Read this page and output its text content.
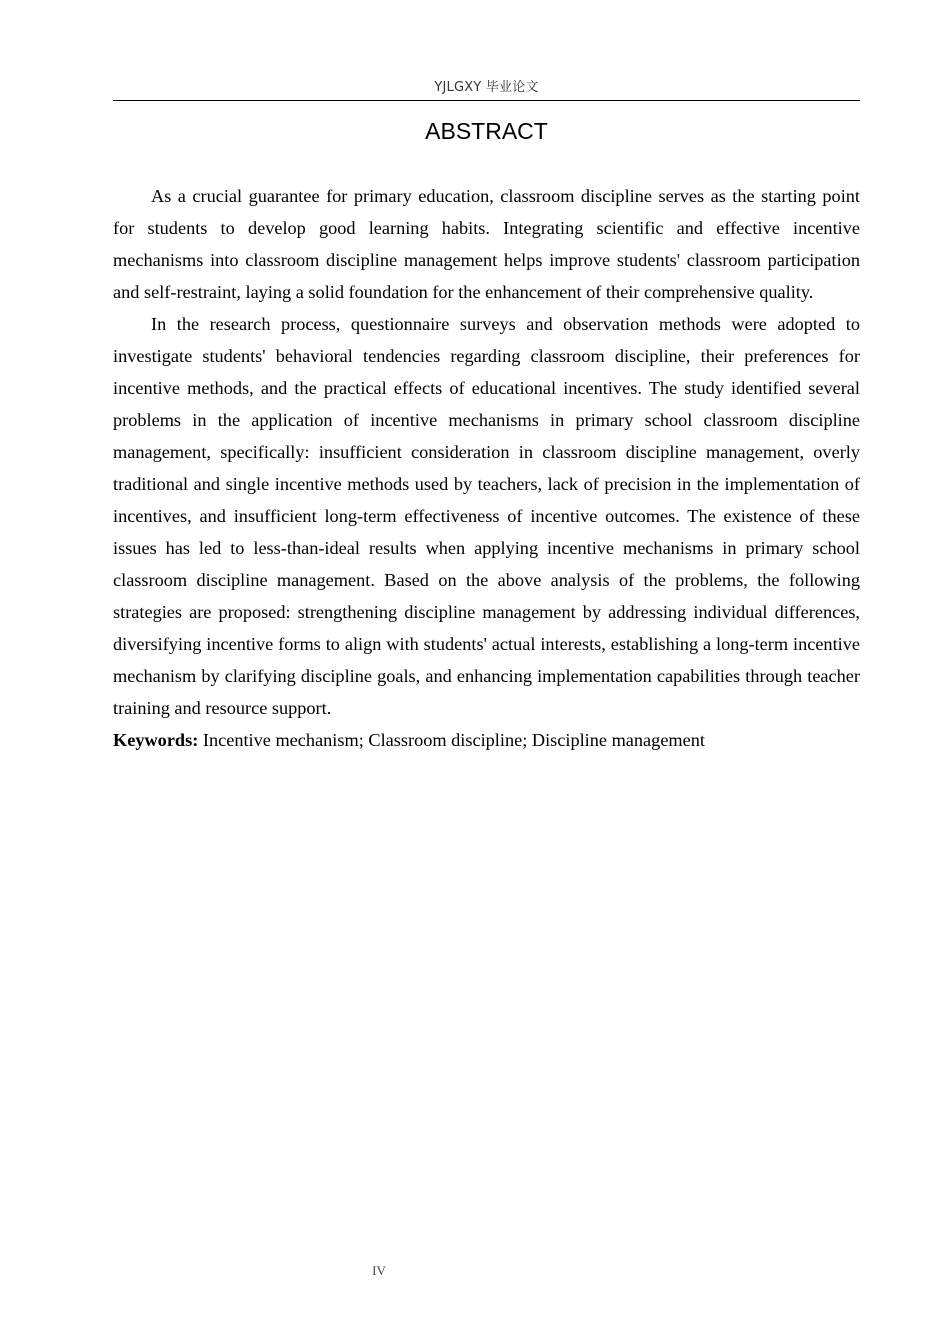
YJLGXY 毕业论文
ABSTRACT

As a crucial guarantee for primary education, classroom discipline serves as the starting point for students to develop good learning habits. Integrating scientific and effective incentive mechanisms into classroom discipline management helps improve students' classroom participation and self-restraint, laying a solid foundation for the enhancement of their comprehensive quality.

In the research process, questionnaire surveys and observation methods were adopted to investigate students' behavioral tendencies regarding classroom discipline, their preferences for incentive methods, and the practical effects of educational incentives. The study identified several problems in the application of incentive mechanisms in primary school classroom discipline management, specifically: insufficient consideration in classroom discipline management, overly traditional and single incentive methods used by teachers, lack of precision in the implementation of incentives, and insufficient long-term effectiveness of incentive outcomes. The existence of these issues has led to less-than-ideal results when applying incentive mechanisms in primary school classroom discipline management. Based on the above analysis of the problems, the following strategies are proposed: strengthening discipline management by addressing individual differences, diversifying incentive forms to align with students' actual interests, establishing a long-term incentive mechanism by clarifying discipline goals, and enhancing implementation capabilities through teacher training and resource support.

Keywords: Incentive mechanism; Classroom discipline; Discipline management

IV
